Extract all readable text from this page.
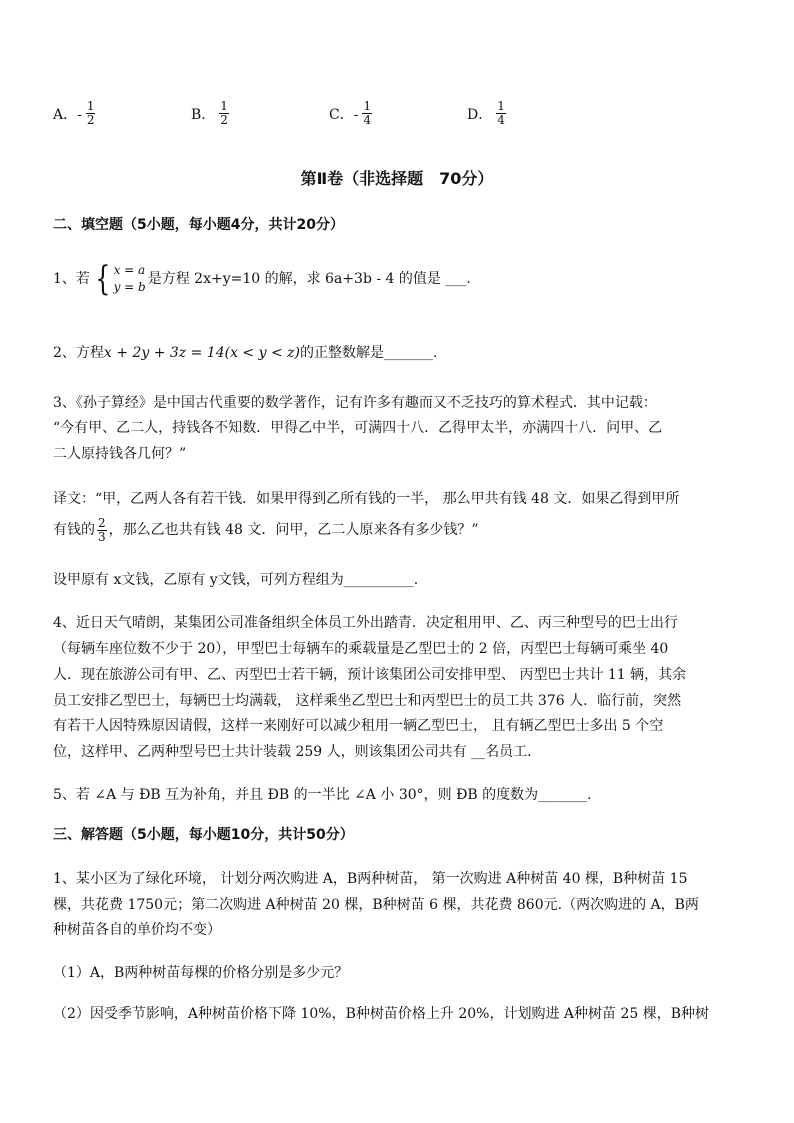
A．- $\frac{1}{2}$	B． $\frac{1}{2}$	C．- $\frac{1}{4}$	D． $\frac{1}{4}$
第Ⅱ卷（非选择题　70分）
二、填空题（5小题，每小题4分，共计20分）
1、若 { x = a
y = b 是方程 2x+y=10 的解，求 6a+3b - 4 的值是 ___.
2、方程x + 2y + 3z = 14(x < y < z)的正整数解是_______.
3、《孙子算经》是中国古代重要的数学著作，记有许多有趣而又不乏技巧的算术程式．其中记载：
“今有甲、乙二人，持钱各不知数．甲得乙中半，可满四十八．乙得甲太半，亦满四十八．问甲、乙
二人原持钱各几何？”
译文：“甲，乙两人各有若干钱．如果甲得到乙所有钱的一半， 那么甲共有钱 48 文．如果乙得到甲所
有钱的 $\frac{2}{3}$ ，那么乙也共有钱 48 文．问甲，乙二人原来各有多少钱？”
设甲原有 x文钱，乙原有 y文钱，可列方程组为__________.
4、近日天气晴朗，某集团公司准备组织全体员工外出踏青．决定租用甲、乙、丙三种型号的巴士出行
（每辆车座位数不少于 20），甲型巴士每辆车的乘载量是乙型巴士的 2 倍，丙型巴士每辆可乘坐 40
人．现在旅游公司有甲、乙、丙型巴士若干辆，预计该集团公司安排甲型、 丙型巴士共计 11 辆，其余
员工安排乙型巴士，每辆巴士均满载， 这样乘坐乙型巴士和丙型巴士的员工共 376 人．临行前，突然
有若干人因特殊原因请假，这样一来刚好可以减少租用一辆乙型巴士， 且有辆乙型巴士多出 5 个空
位，这样甲、乙两种型号巴士共计装载 259 人，则该集团公司共有 __名员工.
5、若 ∠A 与 ÐB 互为补角，并且 ÐB 的一半比 ∠A 小 30°，则 ÐB 的度数为_______.
三、解答题（5小题，每小题10分，共计50分）
1、某小区为了绿化环境， 计划分两次购进 A，B两种树苗， 第一次购进 A种树苗 40 棵，B种树苗 15
棵，共花费 1750元；第二次购进 A种树苗 20 棵，B种树苗 6 棵，共花费 860元.（两次购进的 A，B两
种树苗各自的单价均不变）
（1）A，B两种树苗每棵的价格分别是多少元？
（2）因受季节影响，A种树苗价格下降 10%，B种树苗价格上升 20%，计划购进 A种树苗 25 棵，B种树
